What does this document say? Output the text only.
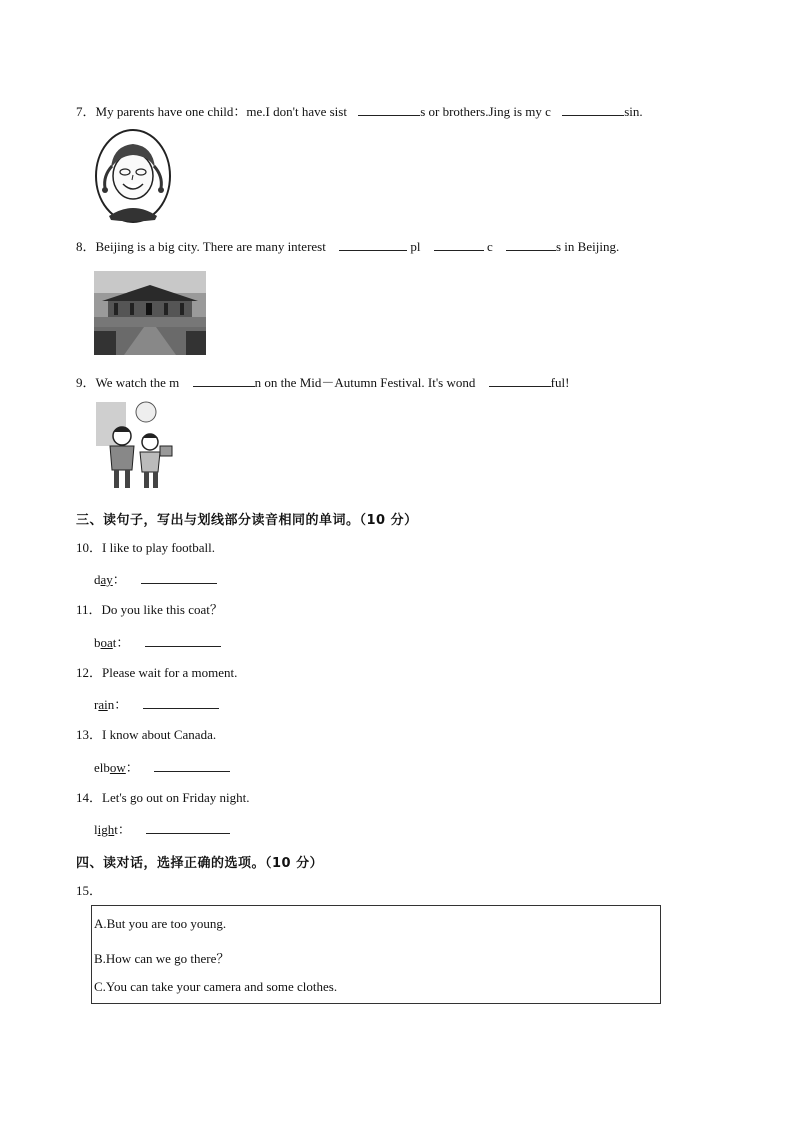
7．My parents have one child：me.I don't have sist	s or brothers.Jing is my c	sin.
8．Beijing is a big city. There are many interest	pl	c	s in Beijing.
9．We watch the m	n on the Mid－Autumn Festival. It's wond	ful!
三、读句子，写出与划线部分读音相同的单词。（10 分）
10．I like to play football.
day：
11．Do you like this coat？
boat：
12．Please wait for a moment.
rain：
13．I know about Canada.
elbow：
14．Let's go out on Friday night.
light：
四、读对话，选择正确的选项。（10 分）
15．
A.But you are too young.
B.How can we go there？
C.You can take your camera and some clothes.
